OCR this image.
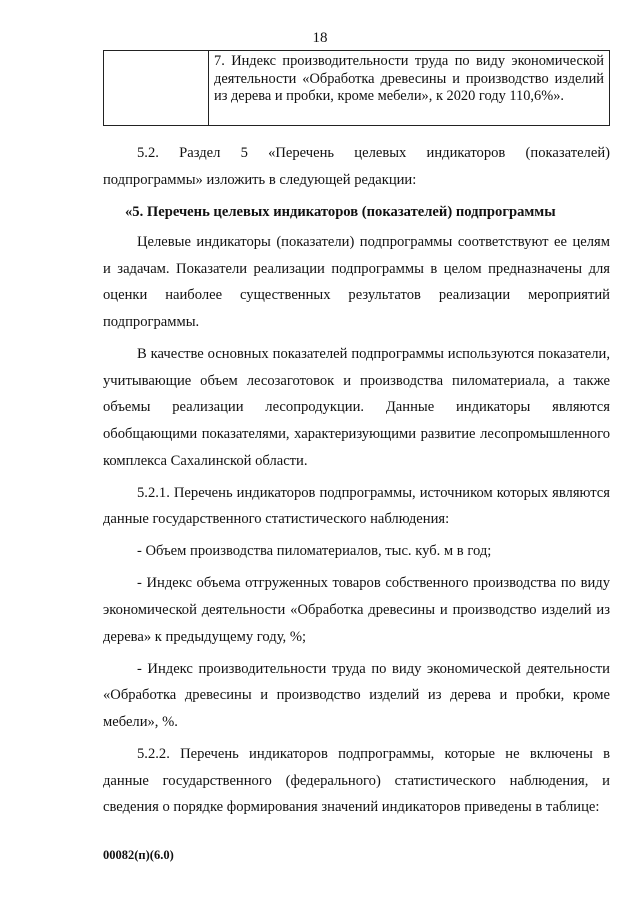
18
	7. Индекс производительности труда по виду экономической деятельности «Обработка древесины и производство изделий из дерева и пробки, кроме мебели», к 2020 году 110,6%».

5.2. Раздел 5 «Перечень целевых индикаторов (показателей) подпрограммы» изложить в следующей редакции:

«5. Перечень целевых индикаторов (показателей) подпрограммы

Целевые индикаторы (показатели) подпрограммы соответствуют ее целям и задачам. Показатели реализации подпрограммы в целом предназначены для оценки наиболее существенных результатов реализации мероприятий подпрограммы.

В качестве основных показателей подпрограммы используются показатели, учитывающие объем лесозаготовок и производства пиломатериала, а также объемы реализации лесопродукции. Данные индикаторы являются обобщающими показателями, характеризующими развитие лесопромышленного комплекса Сахалинской области.

5.2.1. Перечень индикаторов подпрограммы, источником которых являются данные государственного статистического наблюдения:

- Объем производства пиломатериалов, тыс. куб. м в год;

- Индекс объема отгруженных товаров собственного производства по виду экономической деятельности «Обработка древесины и производство изделий из дерева» к предыдущему году, %;

- Индекс производительности труда по виду экономической деятельности «Обработка древесины и производство изделий из дерева и пробки, кроме мебели», %.

5.2.2. Перечень индикаторов подпрограммы, которые не включены в данные государственного (федерального) статистического наблюдения, и сведения о порядке формирования значений индикаторов приведены в таблице:

00082(п)(6.0)
